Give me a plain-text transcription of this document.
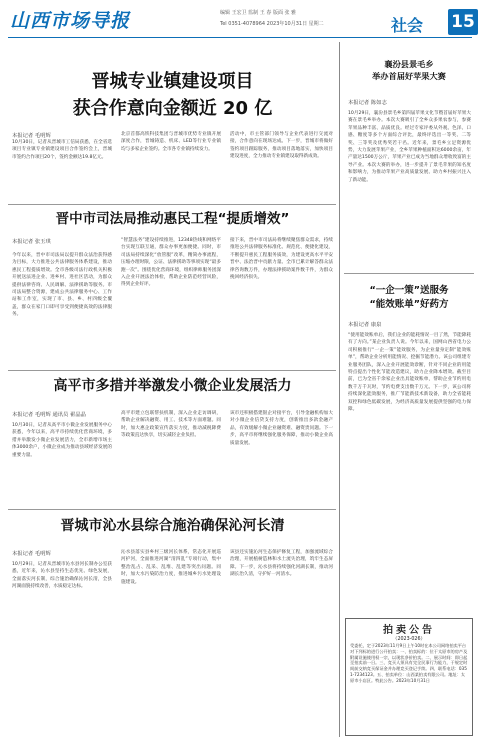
山西市场导报	编辑 王宏卫 监制 王 春 版面 张 雅
Tel 0351-4078964 2023年10月31日 星期二	社会 15
晋城专业镇建设项目
获合作意向金额近 20 亿
本报记者 毛明辉
10月30日，记者从晋城市工信局获悉，在全省选项目专业镇专业镇建设项目合作签约会上，晋城市签约合作项目20个，签约金额达19.8亿元。
北京首都高铁科技集团与晋城市优势专业镇开展深度合作，晋城铸造、机床、LED等行业专业镇均与多家企业签约。全市各专业镇持续发力。
活动中，市主管部门领导与企业代表进行交流对接，合作意向在现场达成。下一步，晋城市将做好签约项目跟踪服务，推动项目落地落实，加快项目建设进度，全力推动专业镇建设取得新成效。
晋中市司法局推动惠民工程“提质增效”
本报记者 张玉琪
今年以来，晋中市司法局以提升群众法治获得感为目标，大力推进公共法律服务体系建设，推动惠民工程提质增效。全市各级司法行政机关积极开展送法进企业、进乡村、进社区活动，为群众提供法律咨询、人民调解、法律援助等服务。市司法局整合资源，建成公共法律服务中心、工作站和工作室，实现了市、县、乡、村四级全覆盖，群众在家门口即可享受到便捷高效的法律服务。
“智慧法务”建设持续推进，12348热线和网络平台实现互联互通，群众办事更加便捷。同时，市司法局持续深化“放管服”改革，精简办事流程，压缩办理时限，公证、法律援助等事项实现“最多跑一次”。围绕优化营商环境，组织律师服务团深入企业开展法治体检，帮助企业防范经营风险，得到企业好评。
接下来，晋中市司法局将继续聚焦群众需求，持续推进公共法律服务标准化、规范化、便捷化建设，不断提升惠民工程服务质效，为建设更高水平平安晋中、法治晋中贡献力量。全市已累计解答群众法律咨询数万件，办理法律援助案件数千件，为群众挽回经济损失。
高平市多措并举激发小微企业发展活力
本报记者 毛明辉 通讯员 翟晶晶
10月30日，记者从高平市小微企业发展服务中心获悉，今年以来，高平市持续优化营商环境，多措并举激发小微企业发展活力，全市新增市场主体3000余户，小微企业成为推动县域经济发展的重要力量。
高平市建立包联帮扶机制，深入企业走访调研，帮助企业解决融资、用工、技术等方面难题。同时，加大惠企政策宣传落实力度，推动减税降费等政策直达快享，切实减轻企业负担。
该市还积极搭建银企对接平台，引导金融机构加大对小微企业信贷支持力度，创新推出多款金融产品，有效缓解小微企业融资难、融资贵问题。下一步，高平市将继续强化服务保障，推动小微企业高质量发展。
晋城市沁水县综合施治确保沁河长清
本报记者 毛明辉
10月29日，记者从晋城市沁水县河长制办公室获悉，近年来，沁水县坚持生态优先、绿色发展，全面落实河长制，综合施治确保沁河长清，全县河湖面貌持续改善，水质稳定达标。
沁水县落实县乡村三级河长体系，常态化开展巡河护河，全面推进河湖“清四乱”专项行动，集中整治乱占、乱采、乱堆、乱建等突出问题。同时，加大水污染防治力度，推进城乡污水处理设施建设。
该县还实施沁河生态保护修复工程，加强流域综合治理，开展植树造林和水土流失治理，筑牢生态屏障。下一步，沁水县将持续强化河湖长制，推动河湖长治久清，守护好一河清水。
襄汾县景毛乡
举办首届好苹果大赛
本报记者 陈如志
10月29日，襄汾县景毛乡第四届苹果文化节暨首届好苹果大赛在景毛乡举办。本次大赛吸引了全乡众多果农参与，参赛苹果品种丰富、品质优良。经过专家评委从外观、色泽、口感、糖度等多个方面综合评比，最终评选出一等奖、二等奖、三等奖及优秀奖若干名。近年来，景毛乡立足资源优势，大力发展苹果产业，全乡苹果种植面积达6000余亩，年产量达1500万公斤，苹果产业已成为当地群众增收致富的主导产业。本次大赛的举办，进一步提升了景毛苹果的知名度和影响力，为推动苹果产业高质量发展、助力乡村振兴注入了新动能。
“一企一策”送服务
“能效账单”好药方
本报记者 康泉
“使用能效账单后，我们企业的能耗情况一目了然，节能降耗有了方向。”某企业负责人说。今年以来，国网山西省电力公司积极推行“一企一策”能效服务，为企业量身定制“能效账单”，帮助企业分析用能情况、挖掘节能潜力。该公司组建专业服务团队，深入企业开展能效诊断，针对不同企业的用能特点提出个性化节能改造建议，助力企业降本增效。截至目前，已为全省千余家企业出具能效账单，帮助企业节约用电数千万千瓦时，节约电费支出数千万元。下一步，该公司将持续深化能效服务，推广节能新技术新设备，助力全省能耗双控和绿色低碳发展，为经济高质量发展提供坚强的电力保障。
拍卖公告
（2023-026）
受委托，定于2023年11月9日上午10时在本公司网络拍卖平台对下列标的进行公开拍卖：一、拍卖标的：位于太原市的房产及附属设施使用权一宗，以现状净价拍卖。二、展示时间：即日起至拍卖前一日。三、竞买人须具有完全民事行为能力，于规定时间前交纳竞买保证金并办理竞买登记手续。四、联系电话：0351-7234123。五、拍卖单位：山西某拍卖有限公司。地址：太原市小店区。特此公告。2023年10月31日
